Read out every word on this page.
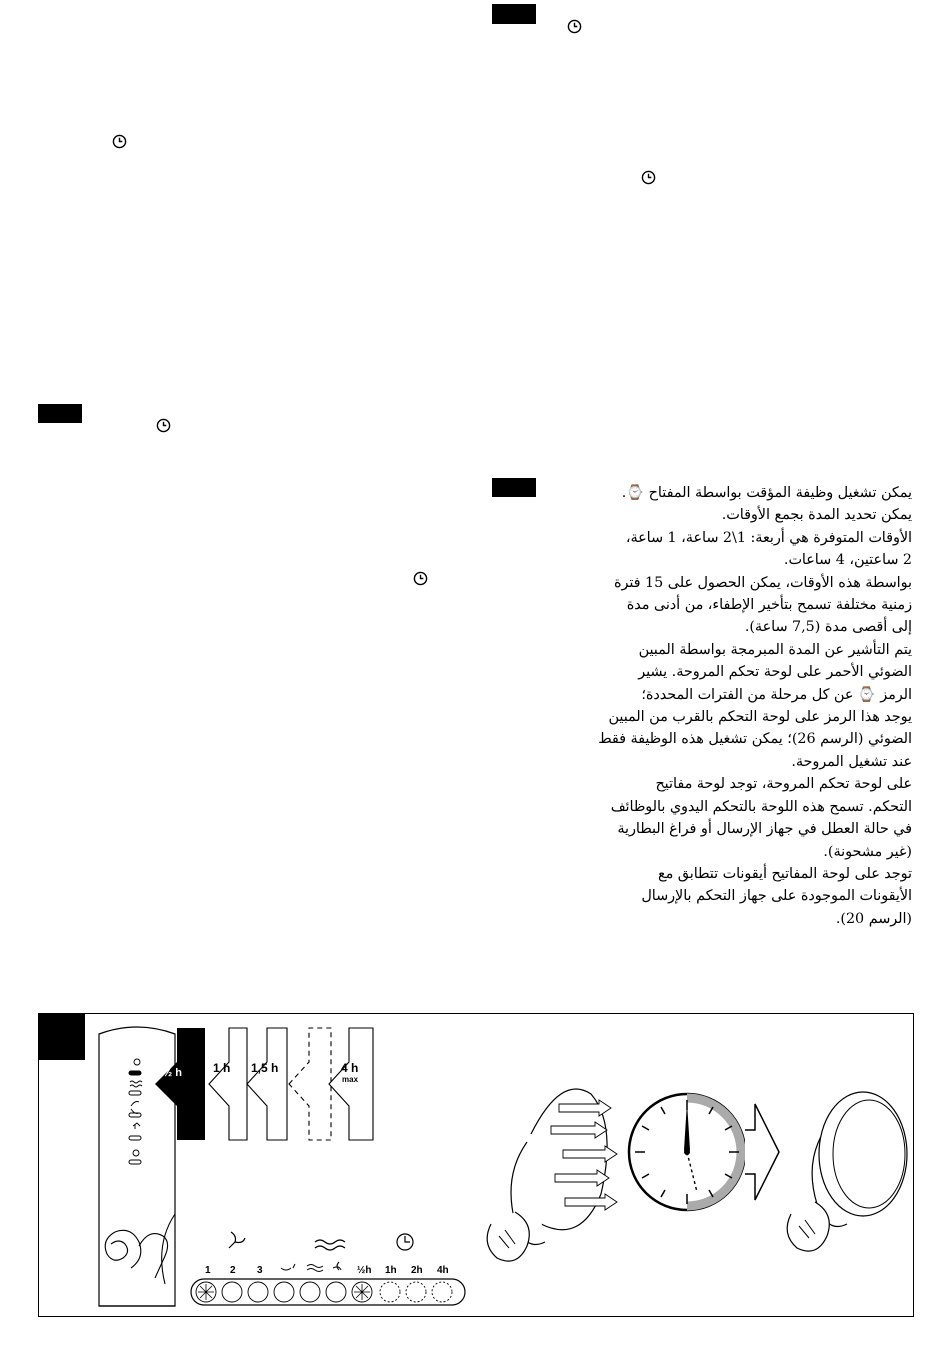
يمكن تشغيل وظيفة المؤقت بواسطة المفتاح ⌚.
يمكن تحديد المدة بجمع الأوقات.
الأوقات المتوفرة هي أربعة: 1\2 ساعة، 1 ساعة،
2 ساعتين، 4 ساعات.
بواسطة هذه الأوقات، يمكن الحصول على 15 فترة
زمنية مختلفة تسمح بتأخير الإطفاء، من أدنى مدة
إلى أقصى مدة (7,5 ساعة).
يتم التأشير عن المدة المبرمجة بواسطة المبين
الضوئي الأحمر على لوحة تحكم المروحة. يشير
الرمز ⌚ عن كل مرحلة من الفترات المحددة؛
يوجد هذا الرمز على لوحة التحكم بالقرب من المبين
الضوئي (الرسم 26)؛ يمكن تشغيل هذه الوظيفة فقط
عند تشغيل المروحة.
على لوحة تحكم المروحة، توجد لوحة مفاتيح
التحكم. تسمح هذه اللوحة بالتحكم اليدوي بالوظائف
في حالة العطل في جهاز الإرسال أو فراغ البطارية
(غير مشحونة).
توجد على لوحة المفاتيح أيقونات تتطابق مع
الأيقونات الموجودة على جهاز التحكم بالإرسال
(الرسم 20).
½ h	1 h 1,5 h	4 h
max
1 2 3	½h 1h 2h 4h
